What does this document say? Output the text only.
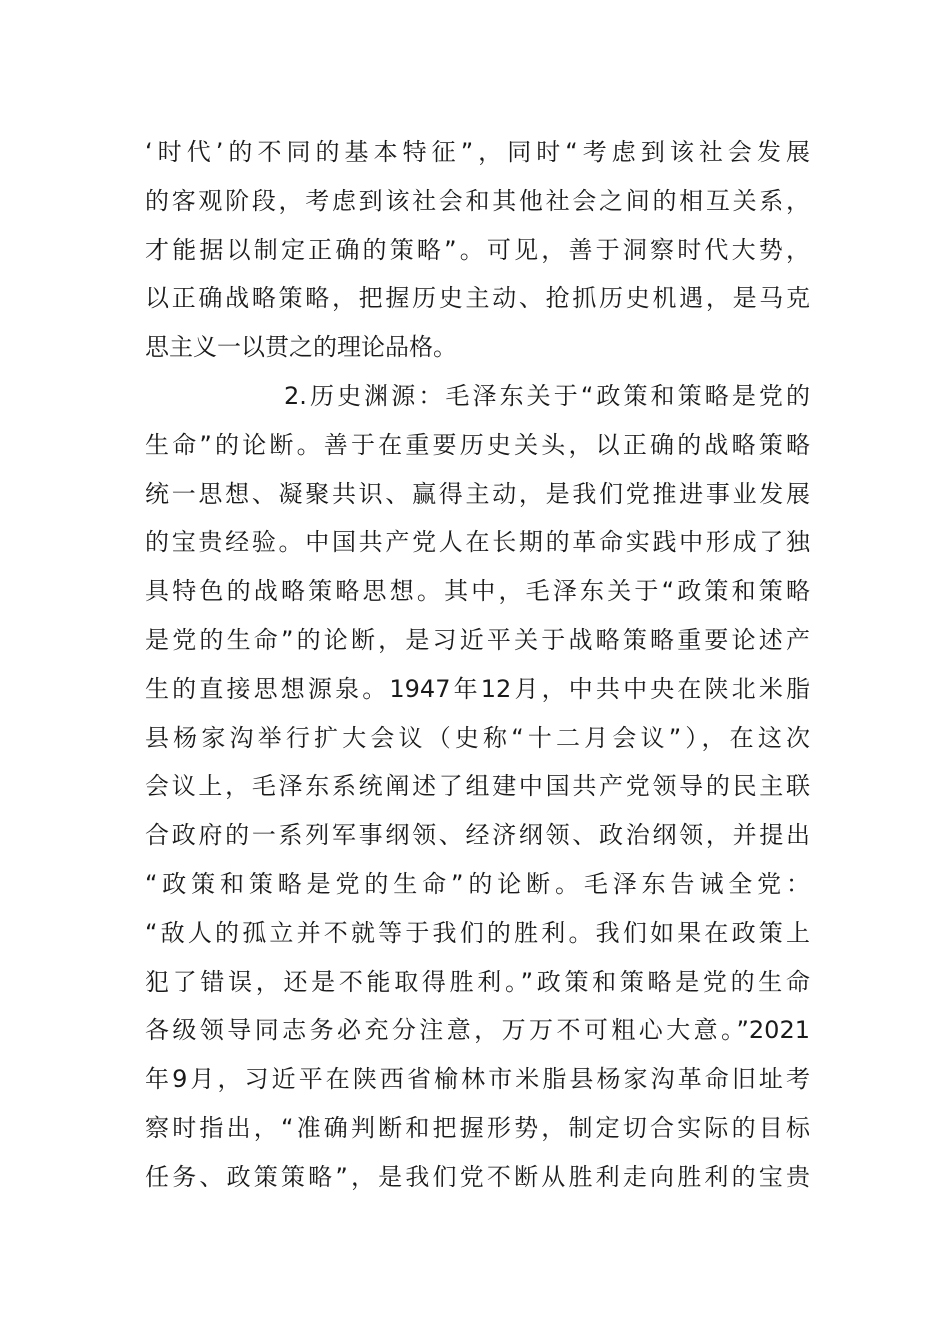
‘时代’的不同的基本特征”，同时“考虑到该社会发展
的客观阶段，考虑到该社会和其他社会之间的相互关系，
才能据以制定正确的策略”。可见，善于洞察时代大势，
以正确战略策略，把握历史主动、抢抓历史机遇，是马克
思主义一以贯之的理论品格。
2.历史渊源：毛泽东关于“政策和策略是党的
生命”的论断。善于在重要历史关头，以正确的战略策略
统一思想、凝聚共识、赢得主动，是我们党推进事业发展
的宝贵经验。中国共产党人在长期的革命实践中形成了独
具特色的战略策略思想。其中，毛泽东关于“政策和策略
是党的生命”的论断，是习近平关于战略策略重要论述产
生的直接思想源泉。1947年12月，中共中央在陕北米脂
县杨家沟举行扩大会议（史称“十二月会议”），在这次
会议上，毛泽东系统阐述了组建中国共产党领导的民主联
合政府的一系列军事纲领、经济纲领、政治纲领，并提出
“政策和策略是党的生命”的论断。毛泽东告诫全党：
“敌人的孤立并不就等于我们的胜利。我们如果在政策上
犯了错误，还是不能取得胜利。”政策和策略是党的生命
各级领导同志务必充分注意，万万不可粗心大意。”2021
年9月，习近平在陕西省榆林市米脂县杨家沟革命旧址考
察时指出，“准确判断和把握形势，制定切合实际的目标
任务、政策策略”，是我们党不断从胜利走向胜利的宝贵
